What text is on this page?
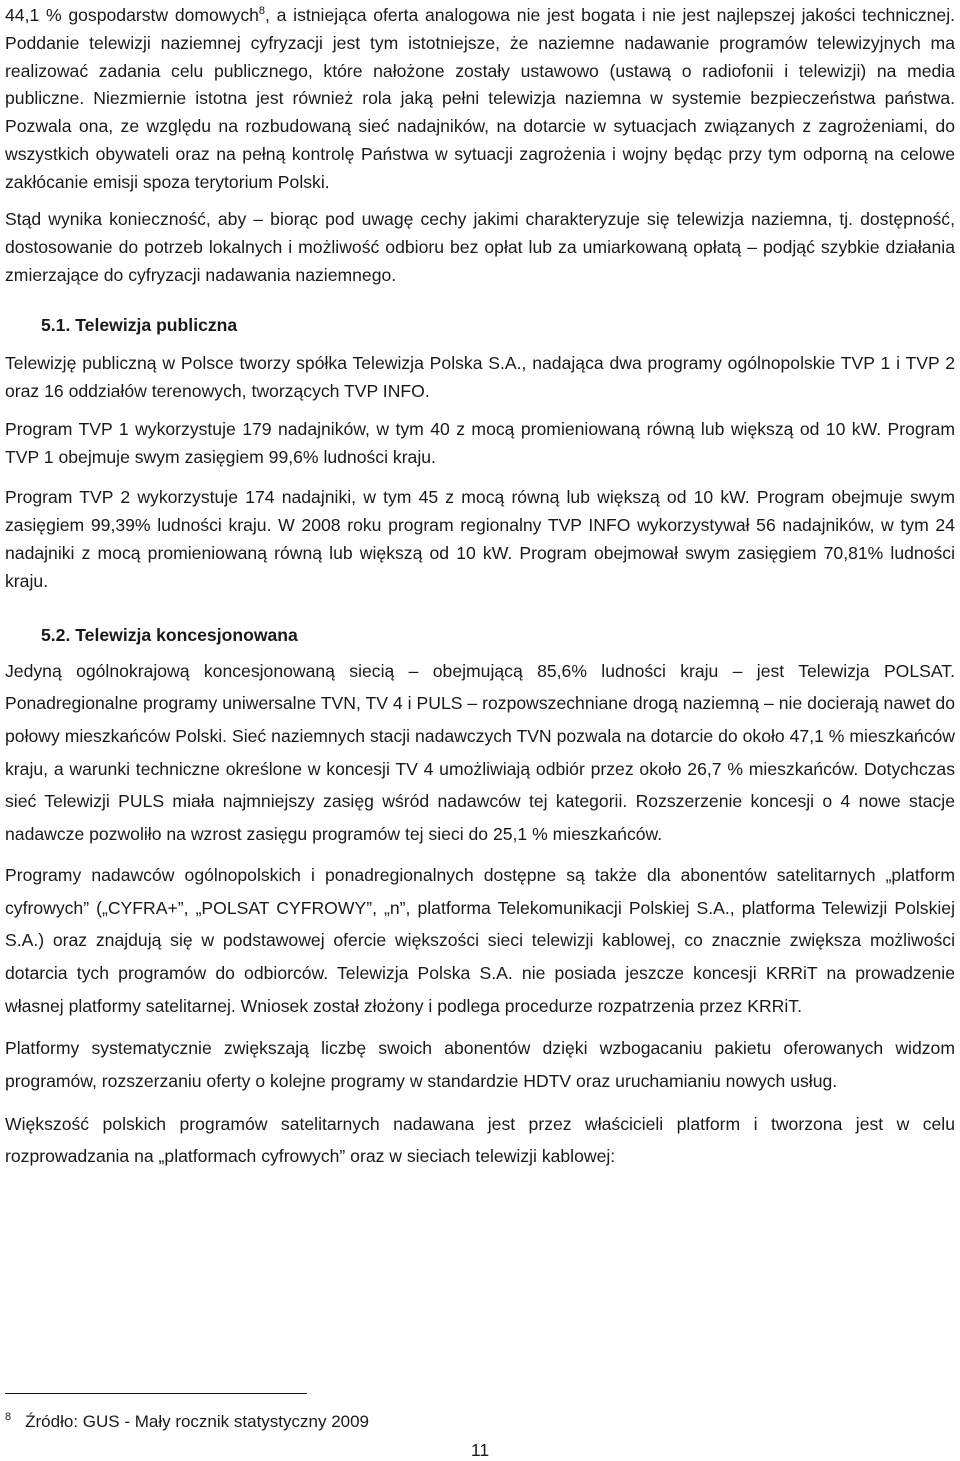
44,1 % gospodarstw domowych$^8$, a istniejąca oferta analogowa nie jest bogata i nie jest najlepszej jakości technicznej. Poddanie telewizji naziemnej cyfryzacji jest tym istotniejsze, że naziemne nadawanie programów telewizyjnych ma realizować zadania celu publicznego, które nałożone zostały ustawowo (ustawą o radiofonii i telewizji) na media publiczne. Niezmiernie istotna jest również rola jaką pełni telewizja naziemna w systemie bezpieczeństwa państwa. Pozwala ona, ze względu na rozbudowaną sieć nadajników, na dotarcie w sytuacjach związanych z zagrożeniami, do wszystkich obywateli oraz na pełną kontrolę Państwa w sytuacji zagrożenia i wojny będąc przy tym odporną na celowe zakłócanie emisji spoza terytorium Polski.

Stąd wynika konieczność, aby – biorąc pod uwagę cechy jakimi charakteryzuje się telewizja naziemna, tj. dostępność, dostosowanie do potrzeb lokalnych i możliwość odbioru bez opłat lub za umiarkowaną opłatą – podjąć szybkie działania zmierzające do cyfryzacji nadawania naziemnego.

5.1. Telewizja publiczna

Telewizję publiczną w Polsce tworzy spółka Telewizja Polska S.A., nadająca dwa programy ogólnopolskie TVP 1 i TVP 2 oraz 16 oddziałów terenowych, tworzących TVP INFO.

Program TVP 1 wykorzystuje 179 nadajników, w tym 40 z mocą promieniowaną równą lub większą od 10 kW. Program TVP 1 obejmuje swym zasięgiem 99,6% ludności kraju.

Program TVP 2 wykorzystuje 174 nadajniki, w tym 45 z mocą równą lub większą od 10 kW. Program obejmuje swym zasięgiem 99,39% ludności kraju. W 2008 roku program regionalny TVP INFO wykorzystywał 56 nadajników, w tym 24 nadajniki z mocą promieniowaną równą lub większą od 10 kW. Program obejmował swym zasięgiem 70,81% ludności kraju.

5.2. Telewizja koncesjonowana

Jedyną ogólnokrajową koncesjonowaną siecią – obejmującą 85,6% ludności kraju – jest Telewizja POLSAT. Ponadregionalne programy uniwersalne TVN, TV 4 i PULS – rozpowszechniane drogą naziemną – nie docierają nawet do połowy mieszkańców Polski. Sieć naziemnych stacji nadawczych TVN pozwala na dotarcie do około 47,1 % mieszkańców kraju, a warunki techniczne określone w koncesji TV 4 umożliwiają odbiór przez około 26,7 % mieszkańców. Dotychczas sieć Telewizji PULS miała najmniejszy zasięg wśród nadawców tej kategorii. Rozszerzenie koncesji o 4 nowe stacje nadawcze pozwoliło na wzrost zasięgu programów tej sieci do 25,1 % mieszkańców.

Programy nadawców ogólnopolskich i ponadregionalnych dostępne są także dla abonentów satelitarnych „platform cyfrowych” („CYFRA+”, „POLSAT CYFROWY”, „n”, platforma Telekomunikacji Polskiej S.A., platforma Telewizji Polskiej S.A.) oraz znajdują się w podstawowej ofercie większości sieci telewizji kablowej, co znacznie zwiększa możliwości dotarcia tych programów do odbiorców. Telewizja Polska S.A. nie posiada jeszcze koncesji KRRiT na prowadzenie własnej platformy satelitarnej. Wniosek został złożony i podlega procedurze rozpatrzenia przez KRRiT.

Platformy systematycznie zwiększają liczbę swoich abonentów dzięki wzbogacaniu pakietu oferowanych widzom programów, rozszerzaniu oferty o kolejne programy w standardzie HDTV oraz uruchamianiu nowych usług.

Większość polskich programów satelitarnych nadawana jest przez właścicieli platform i tworzona jest w celu rozprowadzania na „platformach cyfrowych” oraz w sieciach telewizji kablowej:

$^8$ Źródło: GUS - Mały rocznik statystyczny 2009
11
